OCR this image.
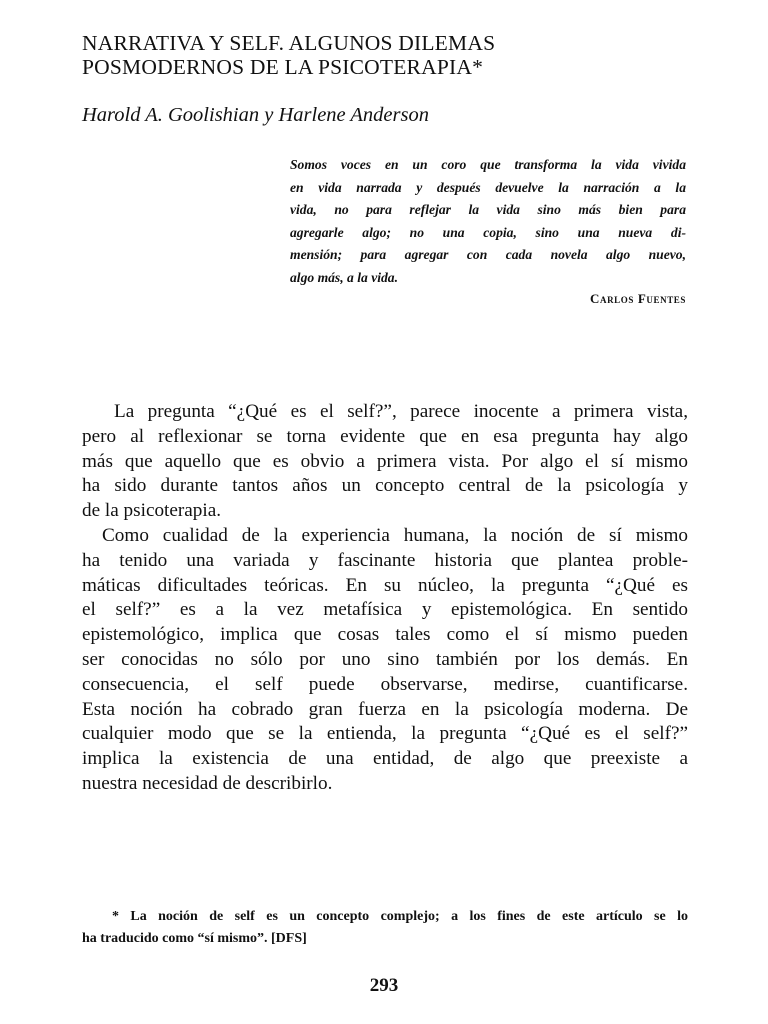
NARRATIVA Y SELF. ALGUNOS DILEMAS
POSMODERNOS DE LA PSICOTERAPIA*
Harold A. Goolishian y Harlene Anderson

Somos voces en un coro que transforma la vida vivida
en vida narrada y después devuelve la narración a la
vida, no para reflejar la vida sino más bien para
agregarle algo; no una copia, sino una nueva di-
mensión; para agregar con cada novela algo nuevo,
algo más, a la vida.

Carlos Fuentes

La pregunta “¿Qué es el self?”, parece inocente a primera vista,
pero al reflexionar se torna evidente que en esa pregunta hay algo
más que aquello que es obvio a primera vista. Por algo el sí mismo
ha sido durante tantos años un concepto central de la psicología y
de la psicoterapia.

Como cualidad de la experiencia humana, la noción de sí mismo
ha tenido una variada y fascinante historia que plantea proble-
máticas dificultades teóricas. En su núcleo, la pregunta “¿Qué es
el self?” es a la vez metafísica y epistemológica. En sentido
epistemológico, implica que cosas tales como el sí mismo pueden
ser conocidas no sólo por uno sino también por los demás. En
consecuencia, el self puede observarse, medirse, cuantificarse.
Esta noción ha cobrado gran fuerza en la psicología moderna. De
cualquier modo que se la entienda, la pregunta “¿Qué es el self?”
implica la existencia de una entidad, de algo que preexiste a
nuestra necesidad de describirlo.

* La noción de self es un concepto complejo; a los fines de este artículo se lo
ha traducido como “sí mismo”. [DFS]

293
